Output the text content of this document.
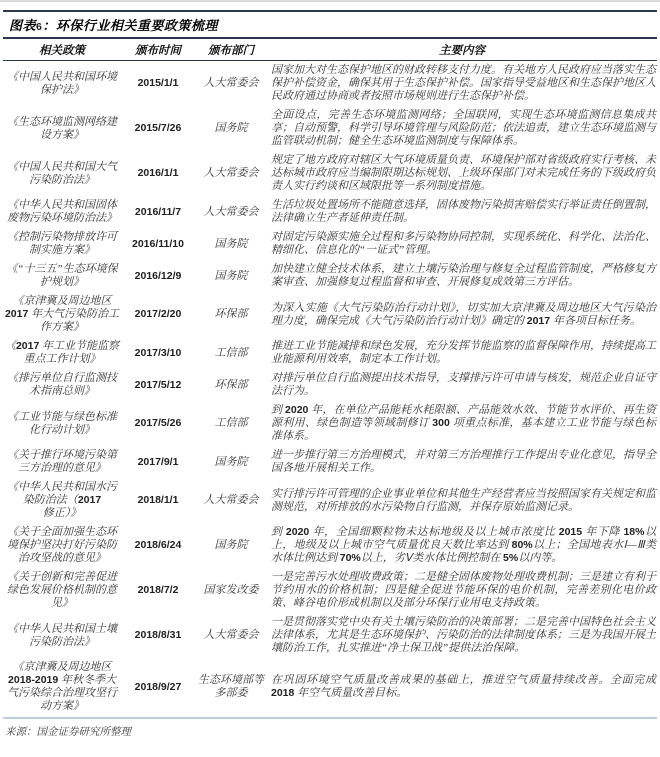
图表6：环保行业相关重要政策梳理
相关政策	颁布时间	颁布部门	主要内容
《中国人民共和国环境保护法》	2015/1/1	人大常委会	国家加大对生态保护地区的财政转移支付力度。有关地方人民政府应当落实生态保护补偿资金，确保其用于生态保护补偿。国家指导受益地区和生态保护地区人民政府通过协商或者按照市场规则进行生态保护补偿。
《生态环境监测网络建设方案》	2015/7/26	国务院	全面设点，完善生态环境监测网络；全国联网，实现生态环境监测信息集成共享；自动预警，科学引导环境管理与风险防范；依法追责，建立生态环境监测与监管联动机制；健全生态环境监测制度与保障体系。
《中国人民共和国大气污染防治法》	2016/1/1	人大常委会	规定了地方政府对辖区大气环境质量负责、环境保护部对省级政府实行考核、未达标城市政府应当编制限期达标规划、上级环保部门对未完成任务的下级政府负责人实行约谈和区域限批等一系列制度措施。
《中华人民共和国固体废物污染环境防治法》	2016/11/7	人大常委会	生活垃圾处置场所不能随意选择，固体废物污染损害赔偿实行举证责任倒置制，法律确立生产者延伸责任制。
《控制污染物排放许可制实施方案》	2016/11/10	国务院	对固定污染源实施全过程和多污染物协同控制，实现系统化、科学化、法治化、精细化、信息化的“一证式”管理。
《“十三五”生态环境保护规划》	2016/12/9	国务院	加快建立健全技术体系，建立土壤污染治理与修复全过程监管制度，严格修复方案审查、加强修复过程监督和审查、开展修复成效第三方评估。
《京津冀及周边地区 2017 年大气污染防治工作方案》	2017/2/20	环保部	为深入实施《大气污染防治行动计划》，切实加大京津冀及周边地区大气污染治理力度，确保完成《大气污染防治行动计划》确定的 2017 年各项目标任务。
《2017 年工业节能监察重点工作计划》	2017/3/10	工信部	推进工业节能减排和绿色发展，充分发挥节能监察的监督保障作用，持续提高工业能源利用效率，制定本工作计划。
《排污单位自行监测技术指南总则》	2017/5/12	环保部	对排污单位自行监测提出技术指导，支撑排污许可申请与核发，规范企业自证守法行为。
《工业节能与绿色标准化行动计划》	2017/5/26	工信部	到 2020 年，在单位产品能耗水耗限额、产品能效水效、节能节水评价、再生资源利用、绿色制造等领域制修订 300 项重点标准，基本建立工业节能与绿色标准体系。
《关于推行环境污染第三方治理的意见》	2017/9/1	国务院	进一步推行第三方治理模式，并对第三方治理推行工作提出专业化意见，指导全国各地开展相关工作。
《中华人民共和国水污染防治法（2017 修正）》	2018/1/1	人大常委会	实行排污许可管理的企业事业单位和其他生产经营者应当按照国家有关规定和监测规范，对所排放的水污染物自行监测，并保存原始监测记录。
《关于全面加强生态环境保护坚决打好污染防治攻坚战的意见》	2018/6/24	国务院	到 2020 年，全国细颗粒物未达标地级及以上城市浓度比 2015 年下降 18%以上，地级及以上城市空气质量优良天数比率达到 80%以上；全国地表水Ⅰ—Ⅲ类水体比例达到 70%以上，劣Ⅴ类水体比例控制在 5%以内等。
《关于创新和完善促进绿色发展价格机制的意见》	2018/7/2	国家发改委	一是完善污水处理收费政策；二是健全固体废物处理收费机制；三是建立有利于节约用水的价格机制；四是健全促进节能环保的电价机制，完善差别化电价政策、峰谷电价形成机制以及部分环保行业用电支持政策。
《中华人民共和国土壤污染防治法》	2018/8/31	人大常委会	一是贯彻落实党中央有关土壤污染防治的决策部署；二是完善中国特色社会主义法律体系，尤其是生态环境保护、污染防治的法律制度体系；三是为我国开展土壤防治工作，扎实推进“净土保卫战”提供法治保障。
《京津冀及周边地区 2018-2019 年秋冬季大气污染综合治理攻坚行动方案》	2018/9/27	生态环境部等多部委	在巩固环境空气质量改善成果的基础上，推进空气质量持续改善。全面完成 2018 年空气质量改善目标。
来源：国金证券研究所整理
